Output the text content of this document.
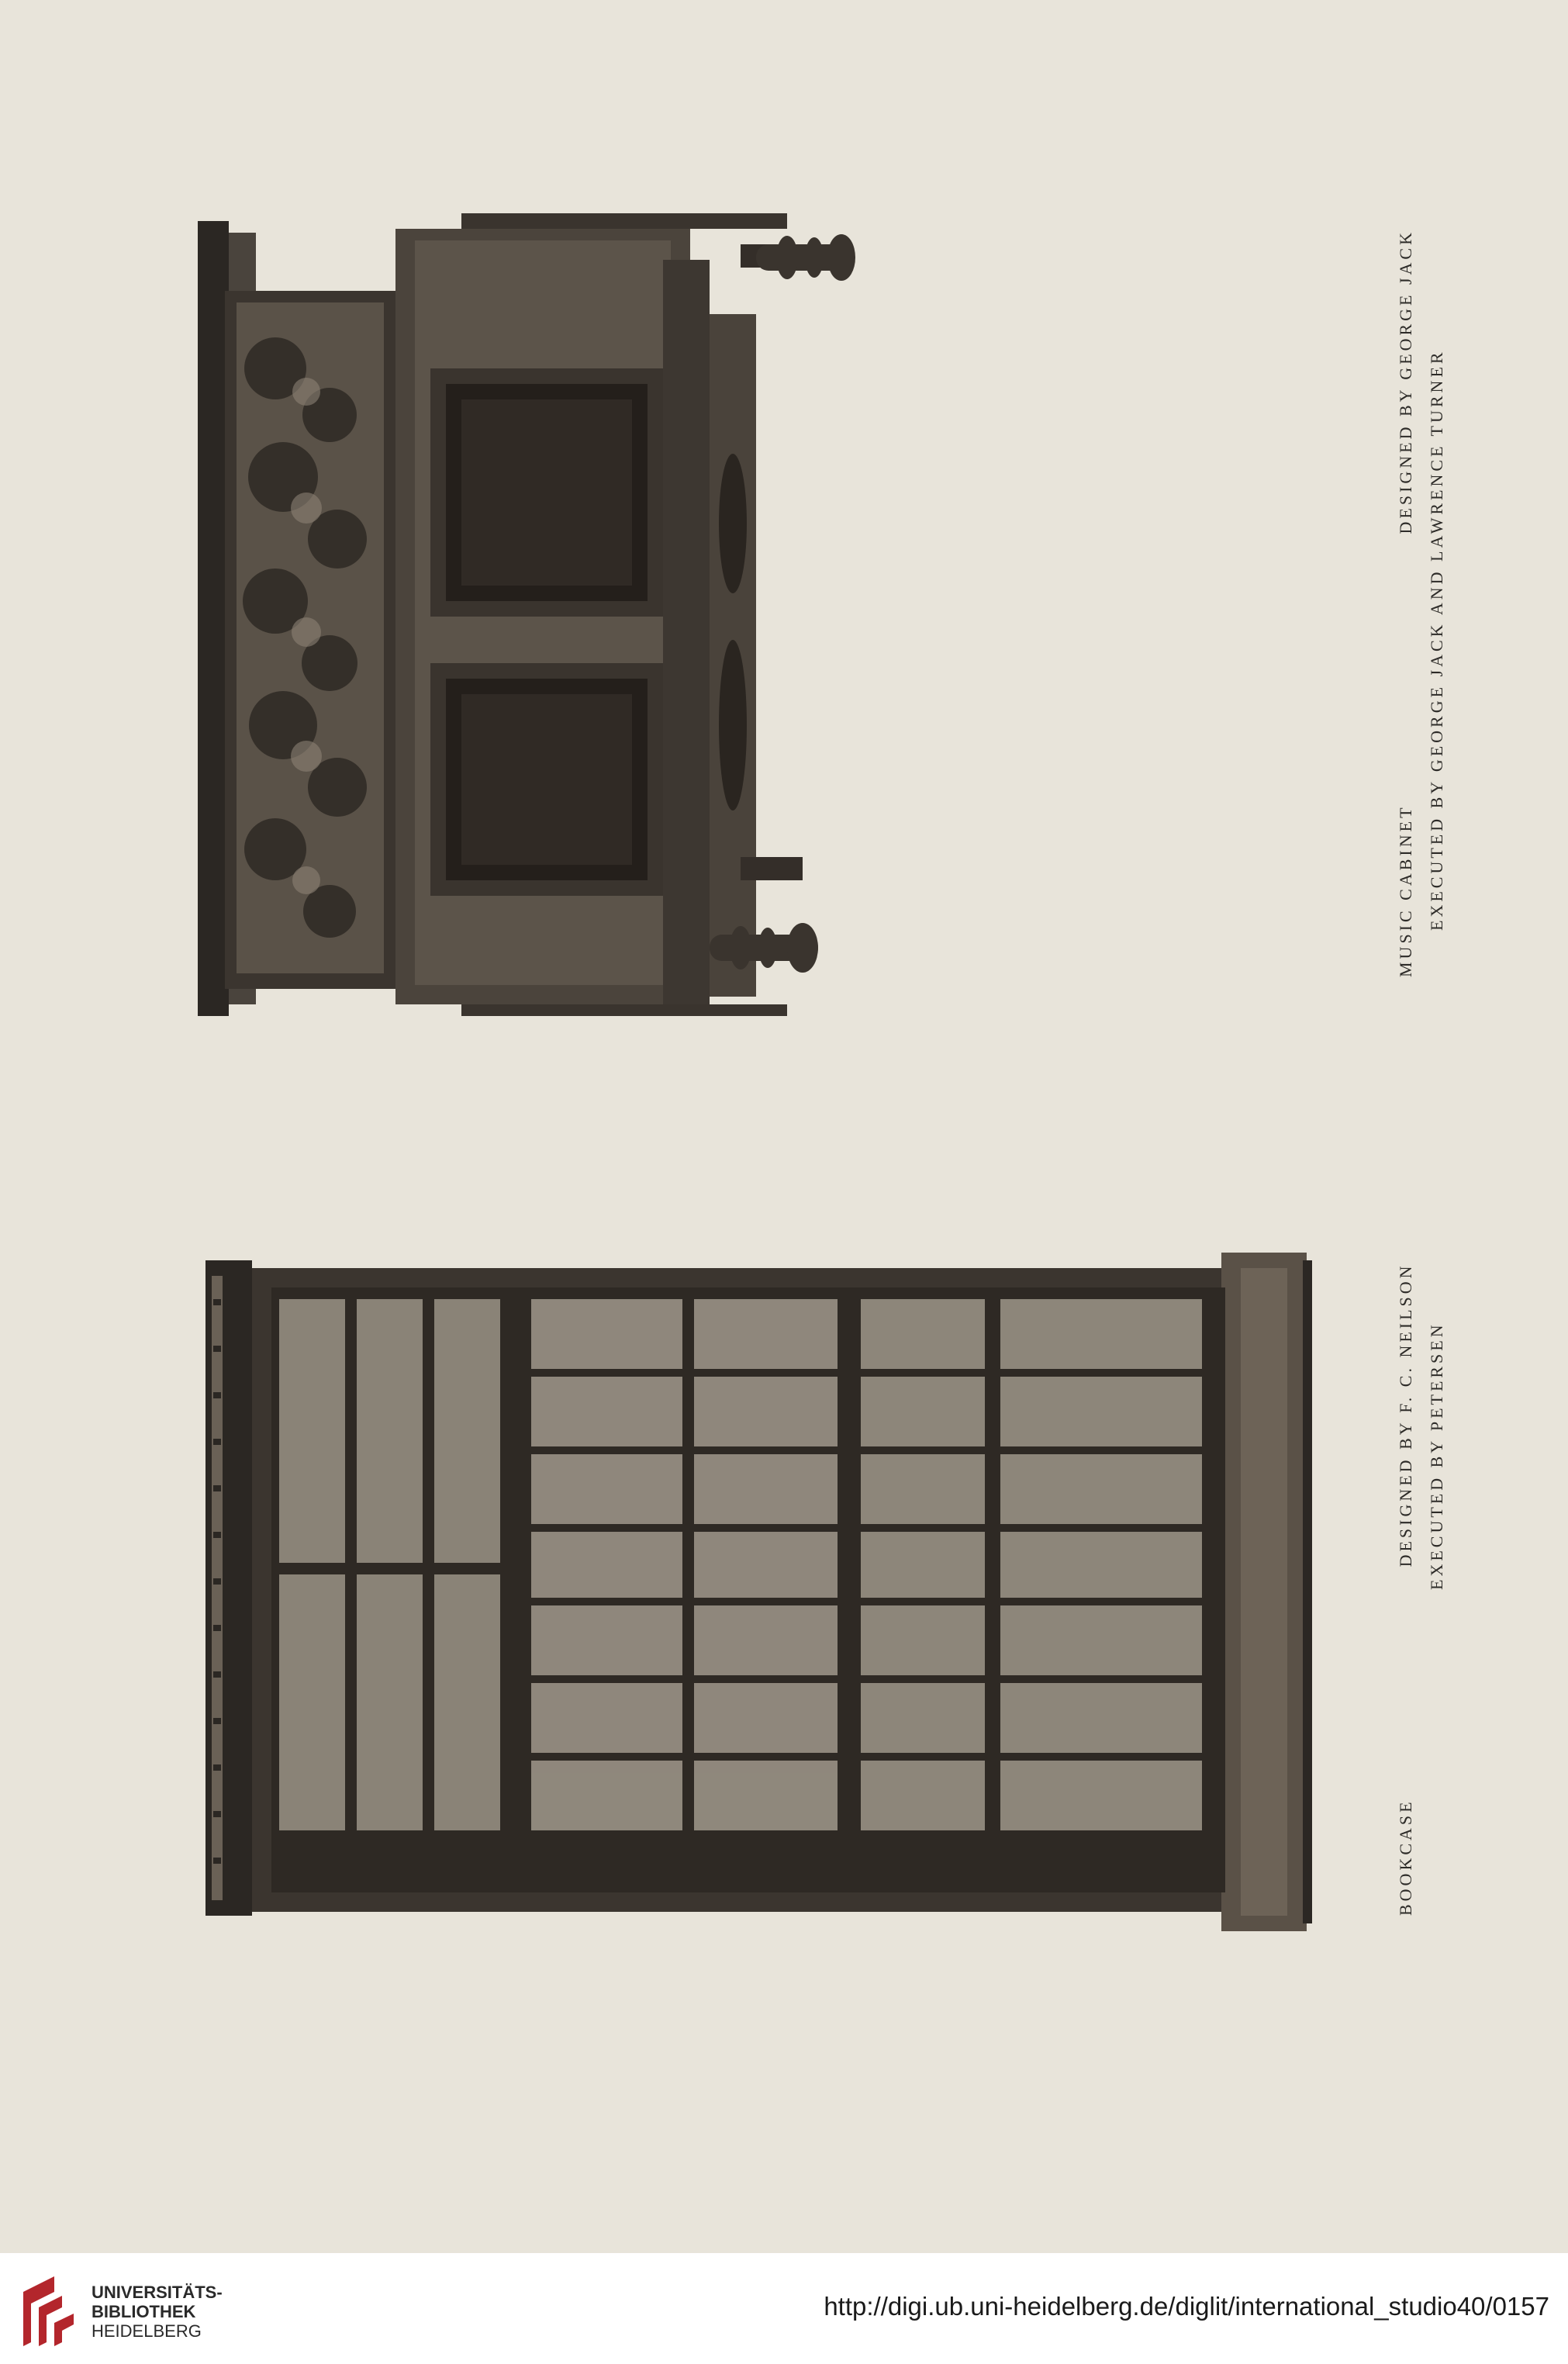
MUSIC CABINET  DESIGNED BY GEORGE JACK EXECUTED BY GEORGE JACK AND LAWRENCE TURNER
BOOKCASE  DESIGNED BY F. C. NEILSON EXECUTED BY PETERSEN
UNIVERSITÄTS-
BIBLIOTHEK
HEIDELBERG
http://digi.ub.uni-heidelberg.de/diglit/international_studio40/0157
